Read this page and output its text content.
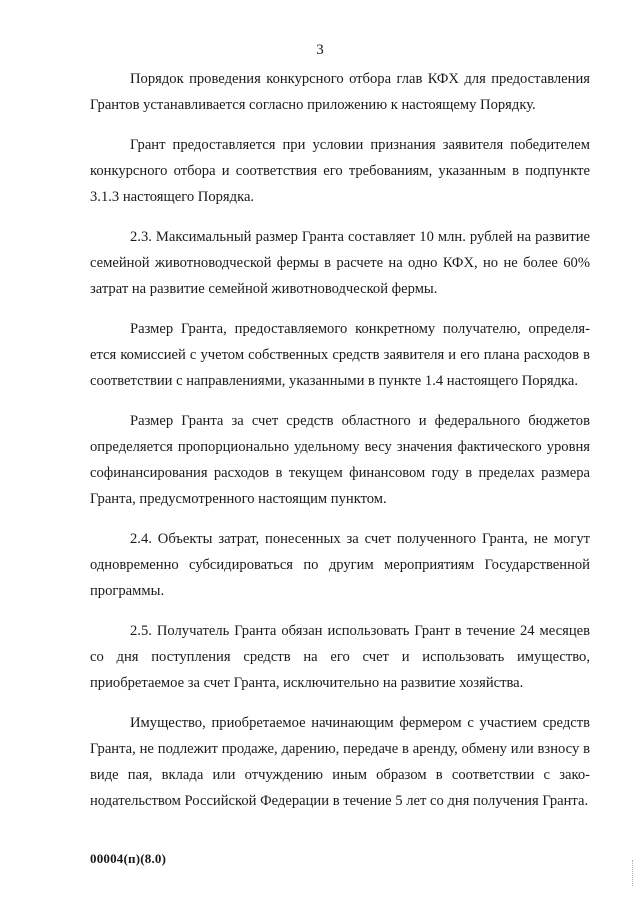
3

Порядок проведения конкурсного отбора глав КФХ для предоставления Грантов устанавливается согласно приложению к настоящему Порядку.

Грант предоставляется при условии признания заявителя победителем конкурсного отбора и соответствия его требованиям, указанным в подпункте 3.1.3 настоящего Порядка.

2.3. Максимальный размер Гранта составляет 10 млн. рублей на развитие семейной животноводческой фермы в расчете на одно КФХ, но не более 60% затрат на развитие семейной животноводческой фермы.

Размер Гранта, предоставляемого конкретному получателю, определяется комиссией с учетом собственных средств заявителя и его плана расходов в соответствии с направлениями, указанными в пункте 1.4 настоящего Порядка.

Размер Гранта за счет средств областного и федерального бюджетов определяется пропорционально удельному весу значения фактического уровня софинансирования расходов в текущем финансовом году в пределах размера Гранта, предусмотренного настоящим пунктом.

2.4. Объекты затрат, понесенных за счет полученного Гранта, не могут одновременно субсидироваться по другим мероприятиям Государственной программы.

2.5. Получатель Гранта обязан использовать Грант в течение 24 месяцев со дня поступления средств на его счет и использовать имущество, приобретаемое за счет Гранта, исключительно на развитие хозяйства.

Имущество, приобретаемое начинающим фермером с участием средств Гранта, не подлежит продаже, дарению, передаче в аренду, обмену или взносу в виде пая, вклада или отчуждению иным образом в соответствии с законодательством Российской Федерации в течение 5 лет со дня получения Гранта.

00004(п)(8.0)
